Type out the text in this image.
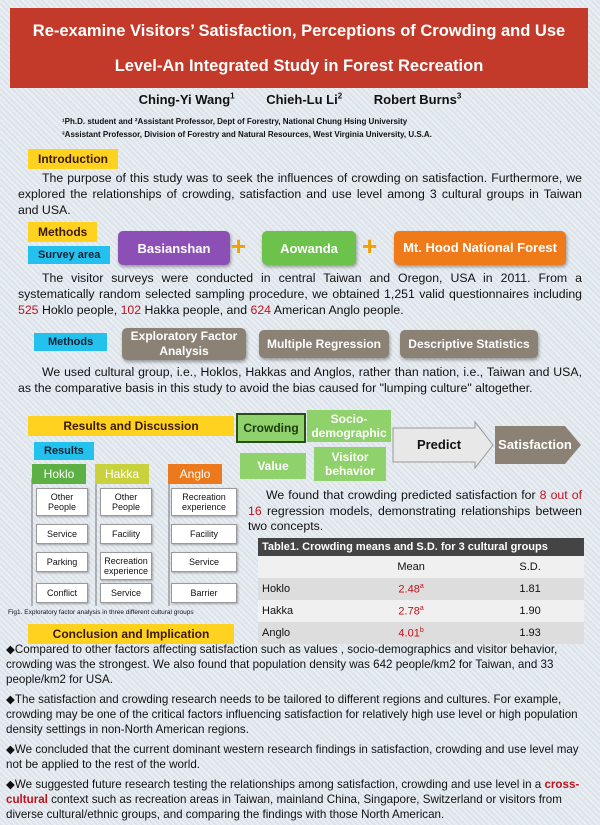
Re-examine Visitors’ Satisfaction, Perceptions of Crowding and Use
Level-An Integrated Study in Forest Recreation
Ching-Yi Wang$^1$ Chieh-Lu Li$^2$ Robert Burns$^3$
¹Ph.D. student and ²Assistant Professor, Dept of Forestry, National Chung Hsing University
³Assistant Professor, Division of Forestry and Natural Resources, West Virginia University, U.S.A.
Introduction
The purpose of this study was to seek the influences of crowding on satisfaction. Furthermore, we explored the relationships of crowding, satisfaction and use level among 3 cultural groups in Taiwan and USA.
Methods
Survey area	Basianshan +	Aowanda +	Mt. Hood National Forest
The visitor surveys were conducted in central Taiwan and Oregon, USA in 2011. From a systematically random selected sampling procedure, we obtained 1,251 valid questionnaires including 525 Hoklo people, 102 Hakka people, and 624 American Anglo people.
Methods	Exploratory Factor Analysis	Multiple Regression	Descriptive Statistics
We used cultural group, i.e., Hoklos, Hakkas and Anglos, rather than nation, i.e., Taiwan and USA, as the comparative basis in this study to avoid the bias caused for "lumping culture" altogether.
Results and Discussion
Results
Hoklo
Other People
Service
Parking
Conflict
Hakka
Other People
Facility
Recreation experience
Service
Anglo
Recreation experience
Facility
Service
Barrier
Fig1. Exploratory factor analysis in three different cultural groups
Crowding
Socio-demographic
Value
Visitor behavior
Predict	Satisfaction
We found that crowding predicted satisfaction for 8 out of 16 regression models, demonstrating relationships between two concepts.
Table1. Crowding means and S.D. for 3 cultural groups
	Mean	S.D.
Hoklo	2.48$^a$	1.81
Hakka	2.78$^a$	1.90
Anglo	4.01$^b$	1.93
Conclusion and Implication
◆Compared to other factors affecting satisfaction such as values , socio-demographics and visitor behavior, crowding was the strongest. We also found that population density was 642 people/km2 for Taiwan, and 33 people/km2 for USA.
◆The satisfaction and crowding research needs to be tailored to different regions and cultures. For example, crowding may be one of the critical factors influencing satisfaction for relatively high use level or high population density settings in non-North American regions.
◆We concluded that the current dominant western research findings in satisfaction, crowding and use level may not be applied to the rest of the world.
◆We suggested future research testing the relationships among satisfaction, crowding and use level in a cross-cultural context such as recreation areas in Taiwan, mainland China, Singapore, Switzerland or visitors from diverse cultural/ethnic groups, and comparing the findings with those North American.
